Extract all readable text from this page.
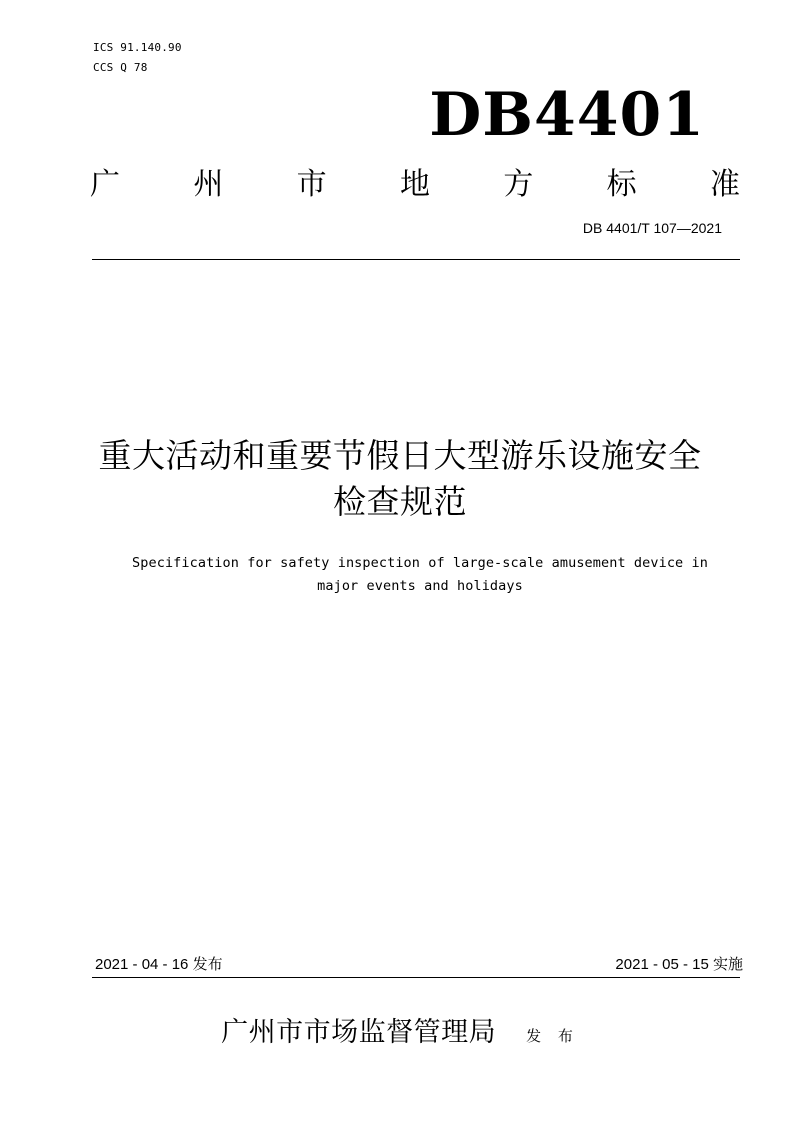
ICS 91.140.90
CCS Q 78
DB4401
广 州 市 地 方 标 准
DB 4401/T 107—2021
重大活动和重要节假日大型游乐设施安全
检查规范
Specification for safety inspection of large-scale amusement device in
major events and holidays
2021 - 04 - 16 发布	2021 - 05 - 15 实施
广州市市场监督管理局 发 布
